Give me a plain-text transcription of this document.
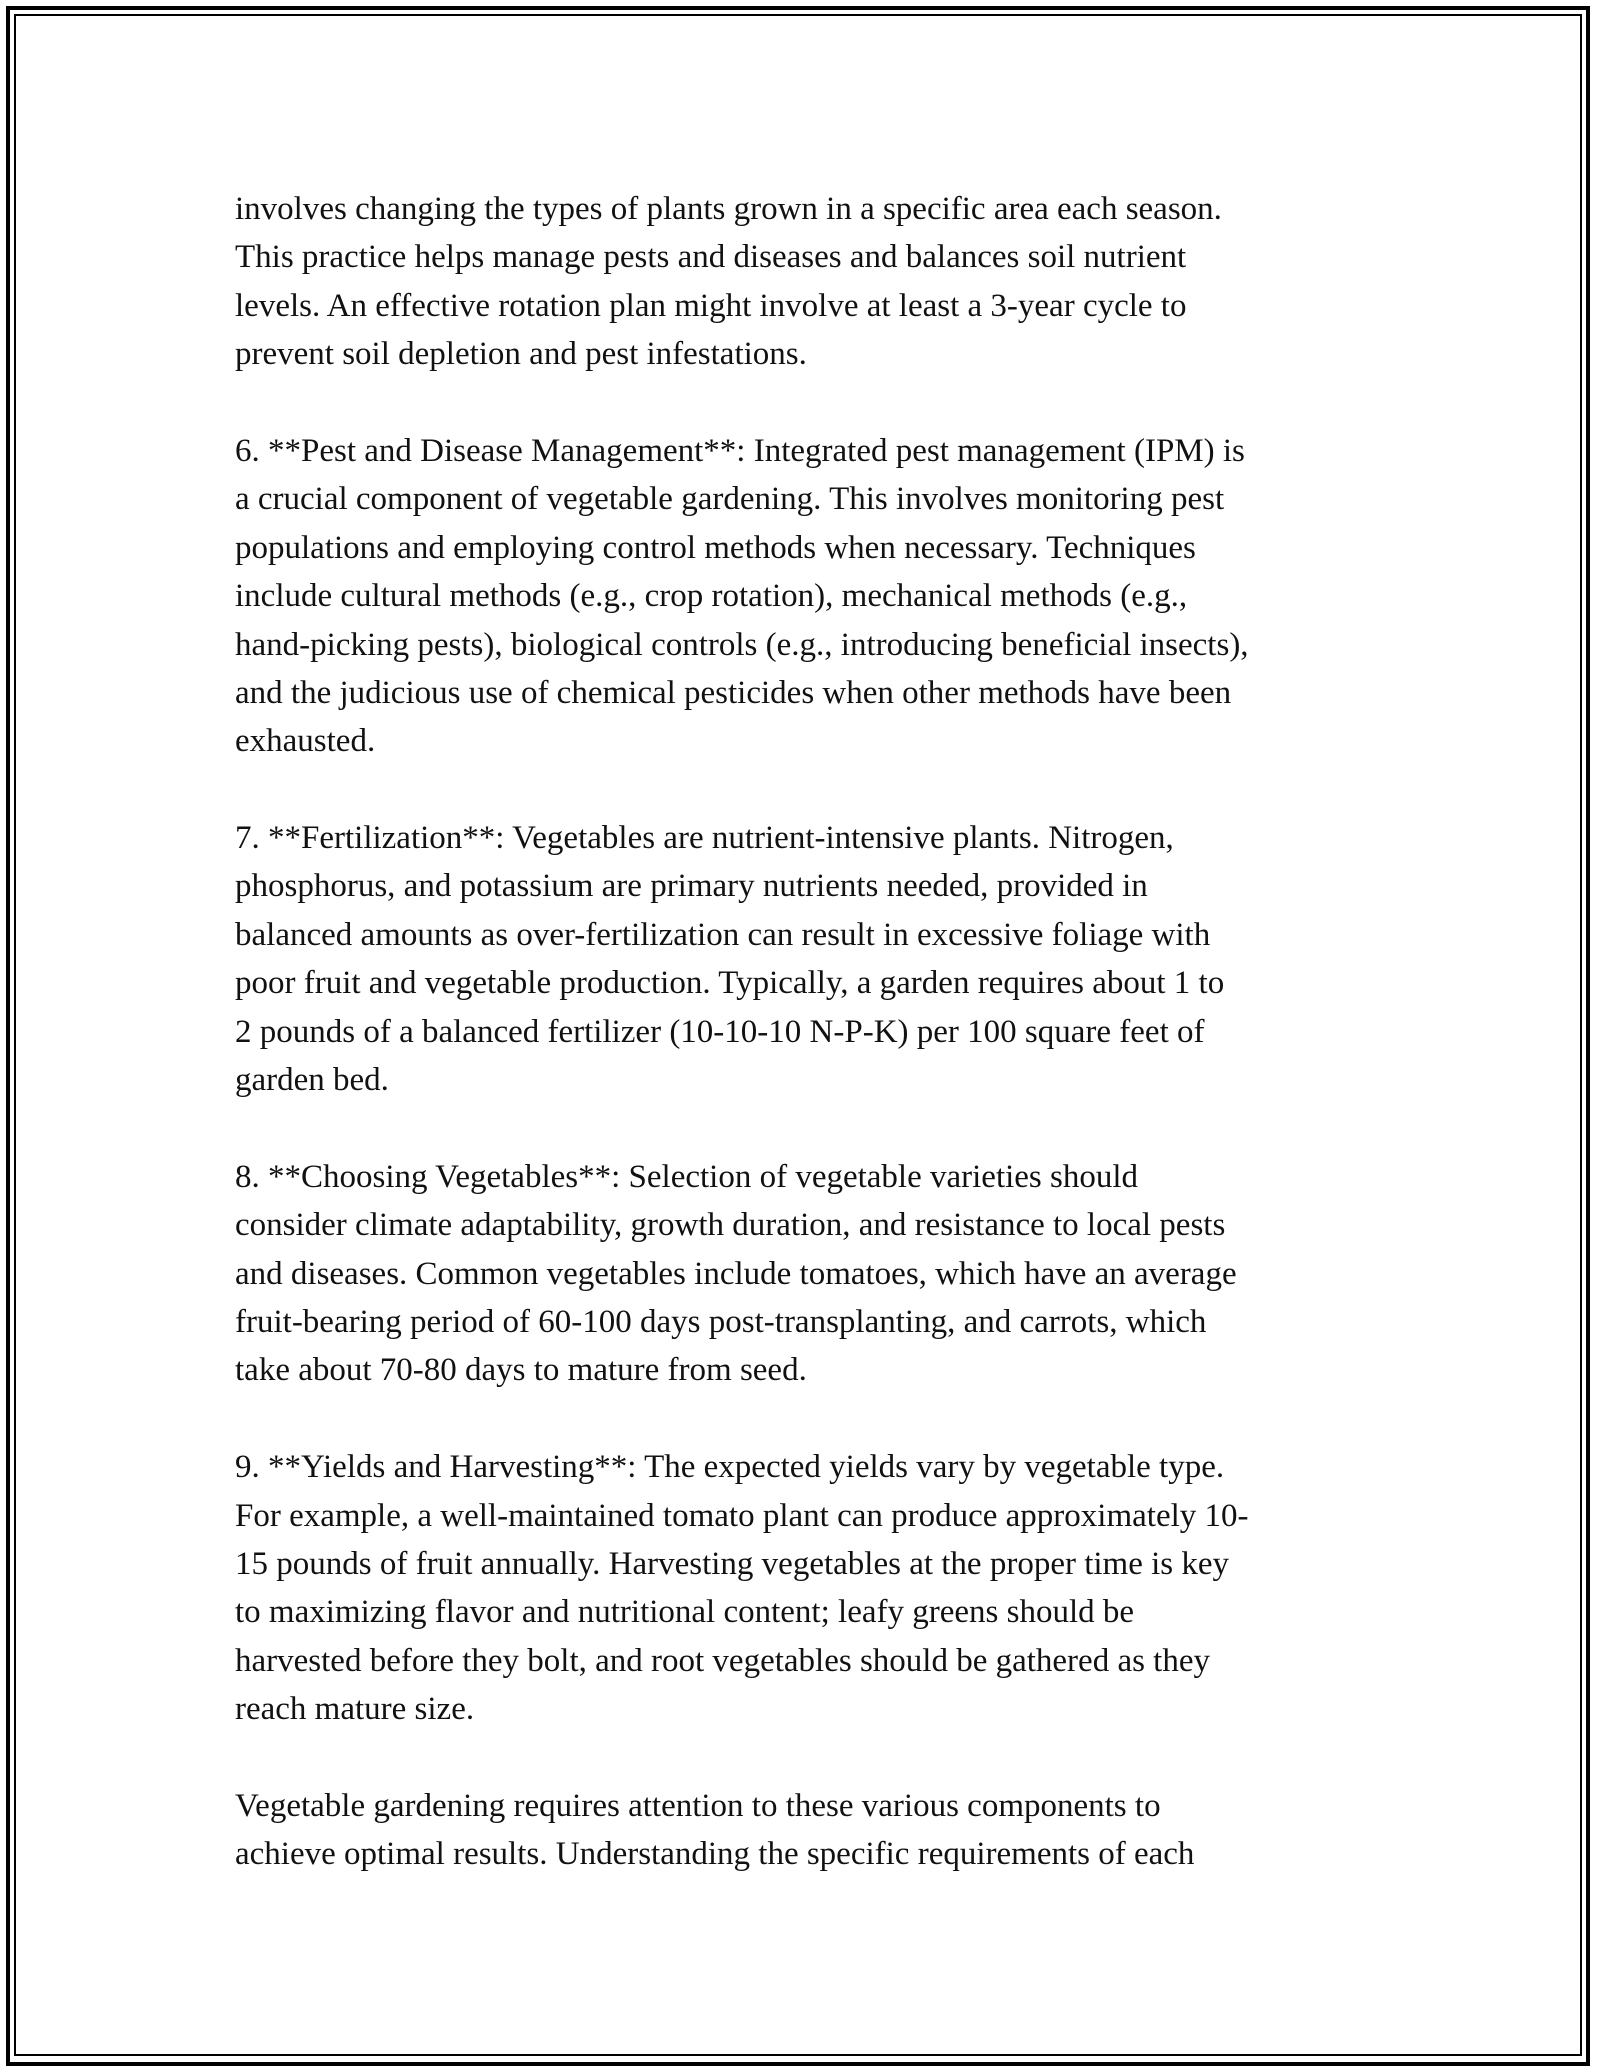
involves changing the types of plants grown in a specific area each season.
This practice helps manage pests and diseases and balances soil nutrient
levels. An effective rotation plan might involve at least a 3-year cycle to
prevent soil depletion and pest infestations.
6. **Pest and Disease Management**: Integrated pest management (IPM) is
a crucial component of vegetable gardening. This involves monitoring pest
populations and employing control methods when necessary. Techniques
include cultural methods (e.g., crop rotation), mechanical methods (e.g.,
hand-picking pests), biological controls (e.g., introducing beneficial insects),
and the judicious use of chemical pesticides when other methods have been
exhausted.
7. **Fertilization**: Vegetables are nutrient-intensive plants. Nitrogen,
phosphorus, and potassium are primary nutrients needed, provided in
balanced amounts as over-fertilization can result in excessive foliage with
poor fruit and vegetable production. Typically, a garden requires about 1 to
2 pounds of a balanced fertilizer (10-10-10 N-P-K) per 100 square feet of
garden bed.
8. **Choosing Vegetables**: Selection of vegetable varieties should
consider climate adaptability, growth duration, and resistance to local pests
and diseases. Common vegetables include tomatoes, which have an average
fruit-bearing period of 60-100 days post-transplanting, and carrots, which
take about 70-80 days to mature from seed.
9. **Yields and Harvesting**: The expected yields vary by vegetable type.
For example, a well-maintained tomato plant can produce approximately 10-
15 pounds of fruit annually. Harvesting vegetables at the proper time is key
to maximizing flavor and nutritional content; leafy greens should be
harvested before they bolt, and root vegetables should be gathered as they
reach mature size.
Vegetable gardening requires attention to these various components to
achieve optimal results. Understanding the specific requirements of each
